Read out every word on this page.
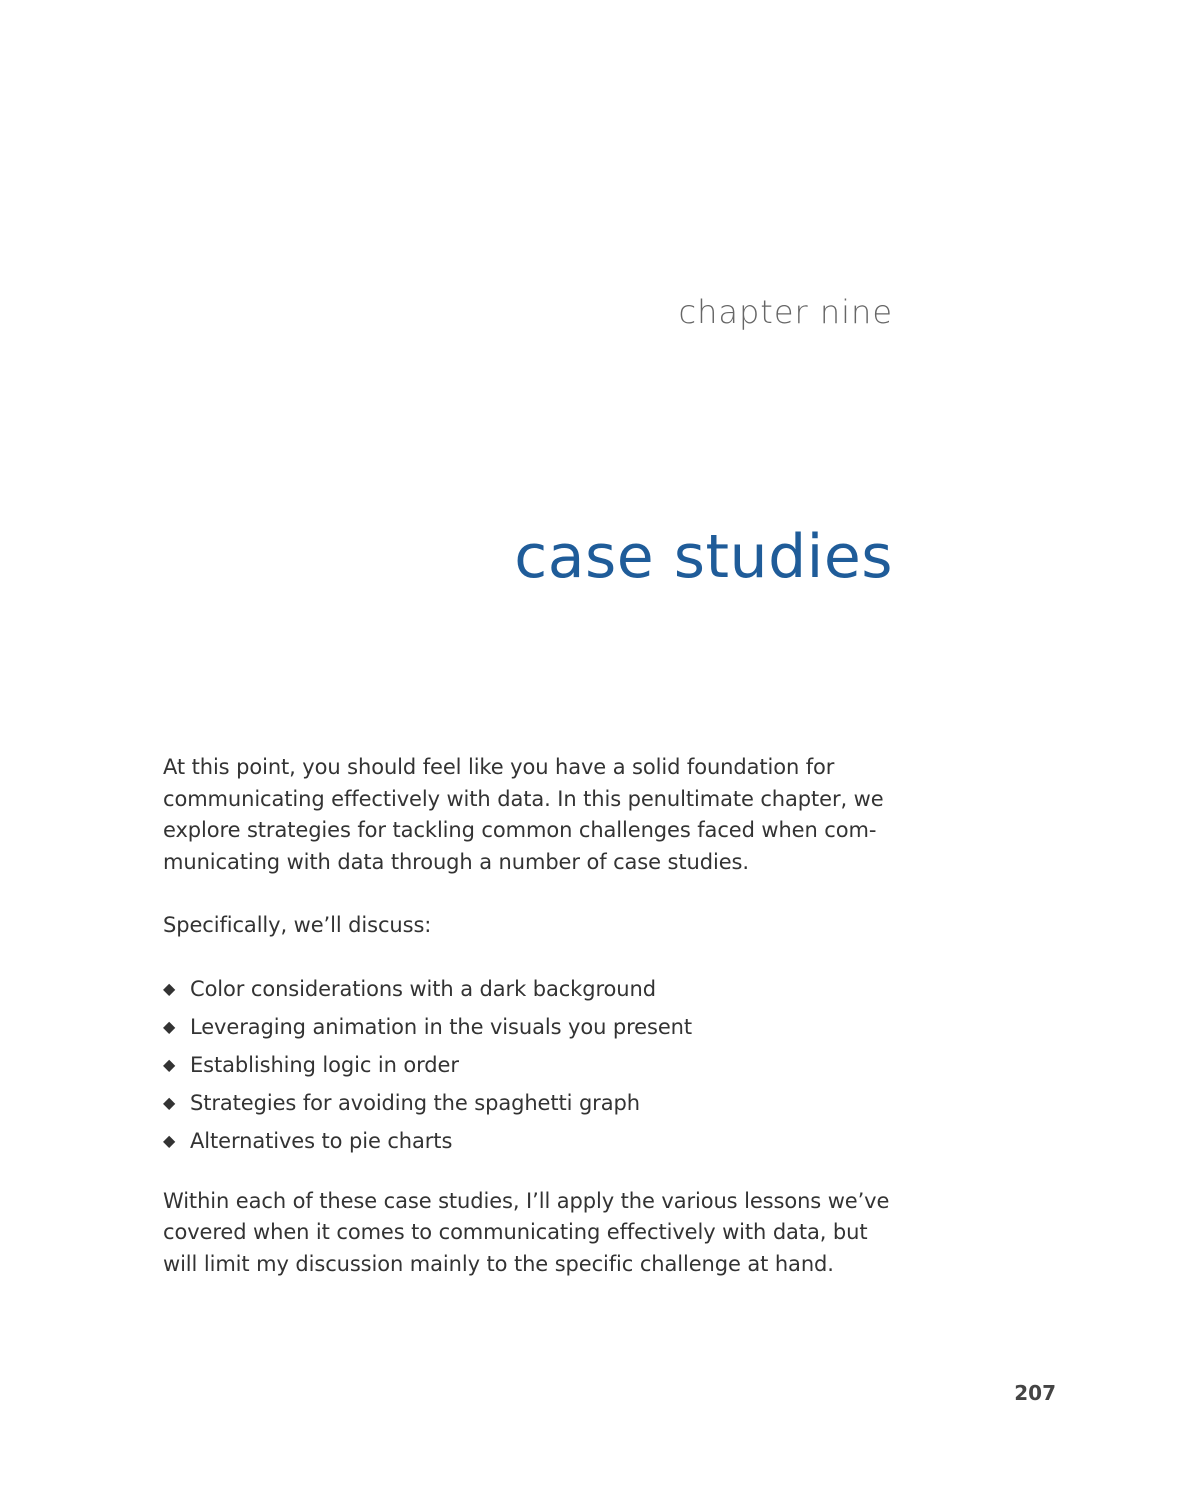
chapter nine
case studies

At this point, you should feel like you have a solid foundation for

communicating effectively with data. In this penultimate chapter, we

explore strategies for tackling common challenges faced when com-

municating with data through a number of case studies.

Specifically, we’ll discuss:

◆ Color considerations with a dark background
◆ Leveraging animation in the visuals you present
◆ Establishing logic in order
◆ Strategies for avoiding the spaghetti graph
◆ Alternatives to pie charts

Within each of these case studies, I’ll apply the various lessons we’ve

covered when it comes to communicating effectively with data, but

will limit my discussion mainly to the specific challenge at hand.

207
